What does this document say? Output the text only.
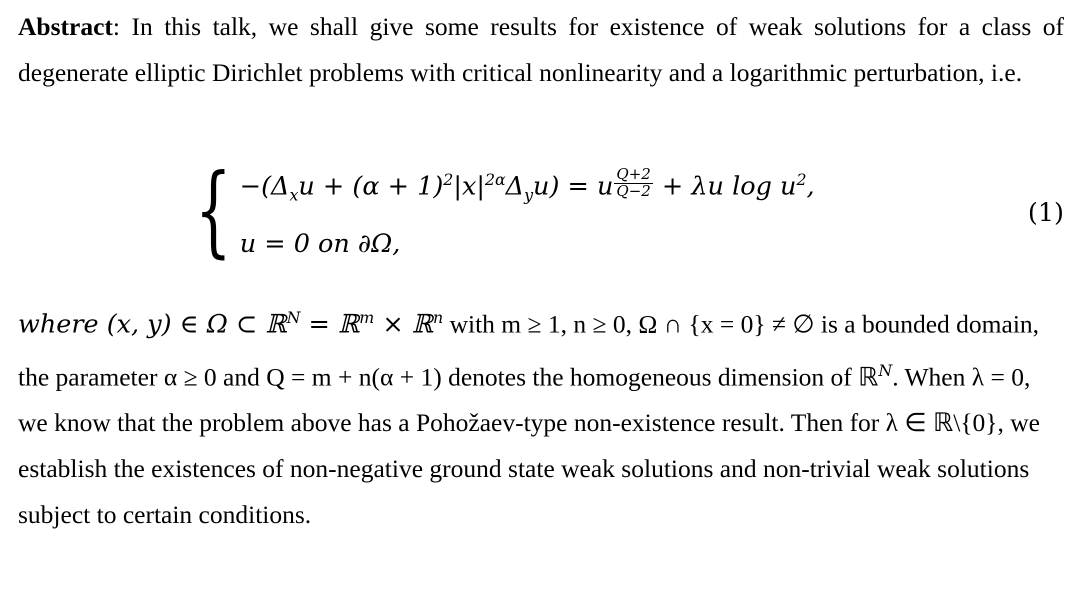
Abstract: In this talk, we shall give some results for existence of weak solutions for a class of degenerate elliptic Dirichlet problems with critical nonlinearity and a logarithmic perturbation, i.e.

{ $-(\Delta_xu + (\alpha + 1)^2|x|^{2\alpha}\Delta_yu) = u \frac{Q+2}{Q-2} + \lambda u$ $\log u^2$,
u = 0 on ∂Ω,
(1)

where (x, y) ∈ Ω ⊂ ℝ$^N$ = ℝ$^m$ × ℝ$^n$ with m ≥ 1, n ≥ 0, Ω ∩ {x = 0} ≠ ∅ is a bounded domain, the parameter α ≥ 0 and Q = m + n(α + 1) denotes the homogeneous dimension of ℝ$^N$. When λ = 0, we know that the problem above has a Pohožaev-type non-existence result. Then for λ ∈ ℝ\{0}, we establish the existences of non-negative ground state weak solutions and non-trivial weak solutions subject to certain conditions.
